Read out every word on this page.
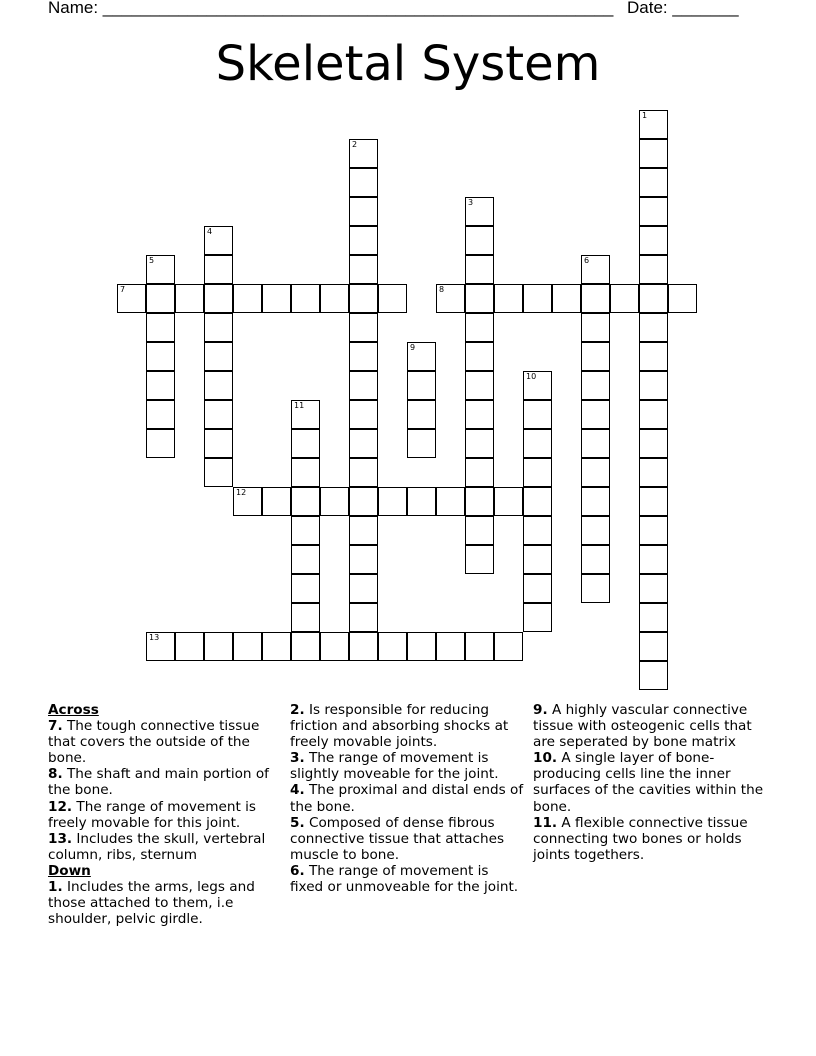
Name: ______________________________________________________ Date: _______
Skeletal System
1
2
3
4
5	6
7	8
9
10
11
12
13
Across

7. The tough connective tissue that covers the outside of the bone.

8. The shaft and main portion of the bone.

12. The range of movement is freely movable for this joint.

13. Includes the skull, vertebral column, ribs, sternum

Down

1. Includes the arms, legs and those attached to them, i.e shoulder, pelvic girdle.

2. Is responsible for reducing friction and absorbing shocks at freely movable joints.

3. The range of movement is slightly moveable for the joint.

4. The proximal and distal ends of the bone.

5. Composed of dense fibrous connective tissue that attaches muscle to bone.

6. The range of movement is fixed or unmoveable for the joint.

9. A highly vascular connective tissue with osteogenic cells that are seperated by bone matrix

10. A single layer of bone-producing cells line the inner surfaces of the cavities within the bone.

11. A flexible connective tissue connecting two bones or holds joints togethers.
